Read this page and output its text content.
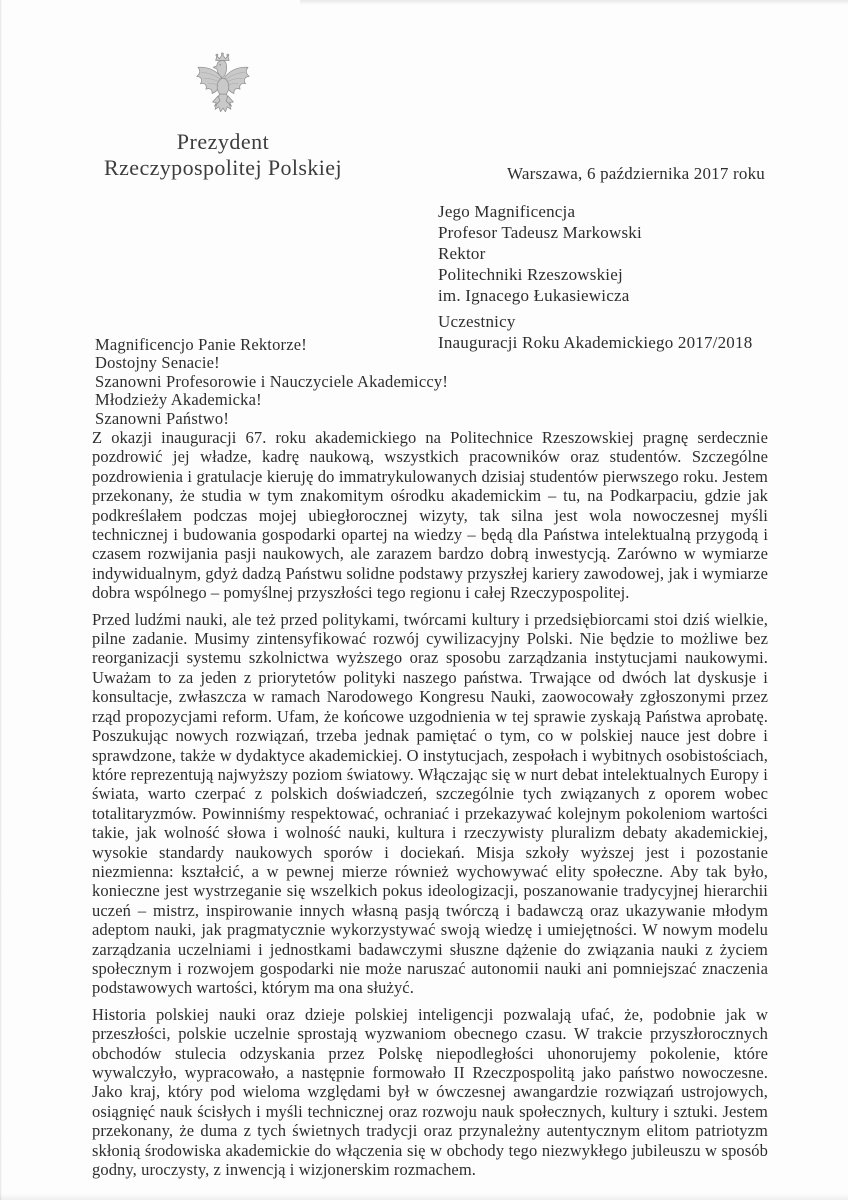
Prezydent
Rzeczypospolitej Polskiej	Warszawa, 6 października 2017 roku
Jego Magnificencja
Profesor Tadeusz Markowski
Rektor
Politechniki Rzeszowskiej
im. Ignacego Łukasiewicza
Uczestnicy
Inauguracji Roku Akademickiego 2017/2018
Magnificencjo Panie Rektorze!
Dostojny Senacie!
Szanowni Profesorowie i Nauczyciele Akademiccy!
Młodzieży Akademicka!
Szanowni Państwo!

Z okazji inauguracji 67. roku akademickiego na Politechnice Rzeszowskiej pragnę serdecznie pozdrowić jej władze, kadrę naukową, wszystkich pracowników oraz studentów. Szczególne pozdrowienia i gratulacje kieruję do immatrykulowanych dzisiaj studentów pierwszego roku. Jestem przekonany, że studia w tym znakomitym ośrodku akademickim – tu, na Podkarpaciu, gdzie jak podkreślałem podczas mojej ubiegłorocznej wizyty, tak silna jest wola nowoczesnej myśli technicznej i budowania gospodarki opartej na wiedzy – będą dla Państwa intelektualną przygodą i czasem rozwijania pasji naukowych, ale zarazem bardzo dobrą inwestycją. Zarówno w wymiarze indywidualnym, gdyż dadzą Państwu solidne podstawy przyszłej kariery zawodowej, jak i wymiarze dobra wspólnego – pomyślnej przyszłości tego regionu i całej Rzeczypospolitej.

Przed ludźmi nauki, ale też przed politykami, twórcami kultury i przedsiębiorcami stoi dziś wielkie, pilne zadanie. Musimy zintensyfikować rozwój cywilizacyjny Polski. Nie będzie to możliwe bez reorganizacji systemu szkolnictwa wyższego oraz sposobu zarządzania instytucjami naukowymi. Uważam to za jeden z priorytetów polityki naszego państwa. Trwające od dwóch lat dyskusje i konsultacje, zwłaszcza w ramach Narodowego Kongresu Nauki, zaowocowały zgłoszonymi przez rząd propozycjami reform. Ufam, że końcowe uzgodnienia w tej sprawie zyskają Państwa aprobatę. Poszukując nowych rozwiązań, trzeba jednak pamiętać o tym, co w polskiej nauce jest dobre i sprawdzone, także w dydaktyce akademickiej. O instytucjach, zespołach i wybitnych osobistościach, które reprezentują najwyższy poziom światowy. Włączając się w nurt debat intelektualnych Europy i świata, warto czerpać z polskich doświadczeń, szczególnie tych związanych z oporem wobec totalitaryzmów. Powinniśmy respektować, ochraniać i przekazywać kolejnym pokoleniom wartości takie, jak wolność słowa i wolność nauki, kultura i rzeczywisty pluralizm debaty akademickiej, wysokie standardy naukowych sporów i dociekań. Misja szkoły wyższej jest i pozostanie niezmienna: kształcić, a w pewnej mierze również wychowywać elity społeczne. Aby tak było, konieczne jest wystrzeganie się wszelkich pokus ideologizacji, poszanowanie tradycyjnej hierarchii uczeń – mistrz, inspirowanie innych własną pasją twórczą i badawczą oraz ukazywanie młodym adeptom nauki, jak pragmatycznie wykorzystywać swoją wiedzę i umiejętności. W nowym modelu zarządzania uczelniami i jednostkami badawczymi słuszne dążenie do związania nauki z życiem społecznym i rozwojem gospodarki nie może naruszać autonomii nauki ani pomniejszać znaczenia podstawowych wartości, którym ma ona służyć.

Historia polskiej nauki oraz dzieje polskiej inteligencji pozwalają ufać, że, podobnie jak w przeszłości, polskie uczelnie sprostają wyzwaniom obecnego czasu. W trakcie przyszłorocznych obchodów stulecia odzyskania przez Polskę niepodległości uhonorujemy pokolenie, które wywalczyło, wypracowało, a następnie formowało II Rzeczpospolitą jako państwo nowoczesne. Jako kraj, który pod wieloma względami był w ówczesnej awangardzie rozwiązań ustrojowych, osiągnięć nauk ścisłych i myśli technicznej oraz rozwoju nauk społecznych, kultury i sztuki. Jestem przekonany, że duma z tych świetnych tradycji oraz przynależny autentycznym elitom patriotyzm skłonią środowiska akademickie do włączenia się w obchody tego niezwykłego jubileuszu w sposób godny, uroczysty, z inwencją i wizjonerskim rozmachem.
